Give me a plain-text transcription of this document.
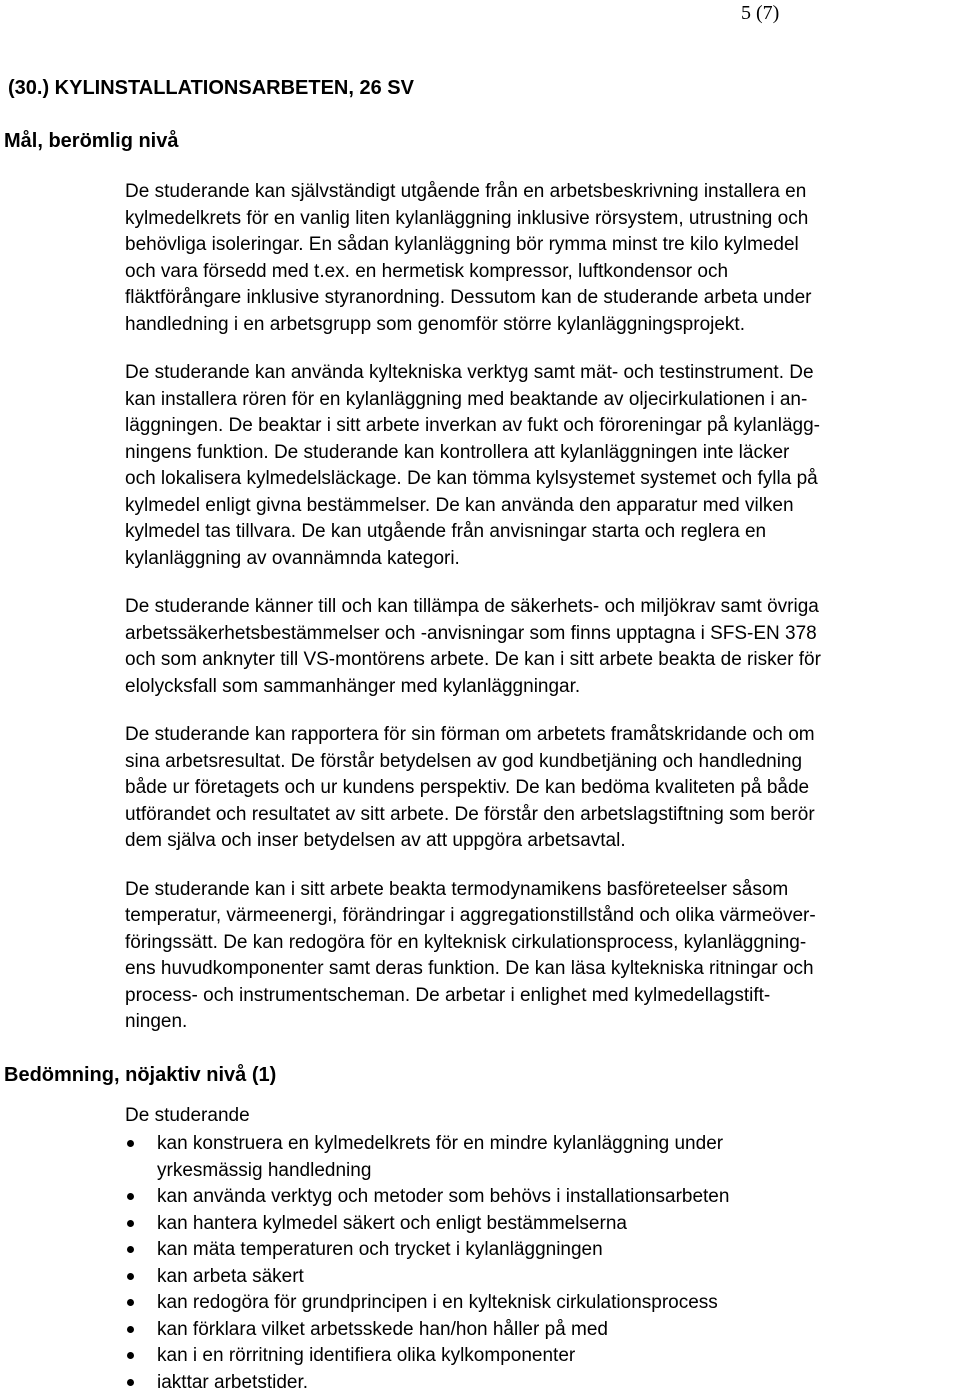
5 (7)
(30.) KYLINSTALLATIONSARBETEN, 26 SV
Mål, berömlig nivå

De studerande kan självständigt utgående från en arbetsbeskrivning installera en
kylmedelkrets för en vanlig liten kylanläggning inklusive rörsystem, utrustning och
behövliga isoleringar. En sådan kylanläggning bör rymma minst tre kilo kylmedel
och vara försedd med t.ex. en hermetisk kompressor, luftkondensor och
fläktförångare inklusive styranordning. Dessutom kan de studerande arbeta under
handledning i en arbetsgrupp som genomför större kylanläggningsprojekt.

De studerande kan använda kyltekniska verktyg samt mät- och testinstrument. De
kan installera rören för en kylanläggning med beaktande av oljecirkulationen i an-
läggningen. De beaktar i sitt arbete inverkan av fukt och föroreningar på kylanlägg-
ningens funktion. De studerande kan kontrollera att kylanläggningen inte läcker
och lokalisera kylmedelsläckage. De kan tömma kylsystemet systemet och fylla på
kylmedel enligt givna bestämmelser. De kan använda den apparatur med vilken
kylmedel tas tillvara. De kan utgående från anvisningar starta och reglera en
kylanläggning av ovannämnda kategori.

De studerande känner till och kan tillämpa de säkerhets- och miljökrav samt övriga
arbetssäkerhetsbestämmelser och -anvisningar som finns upptagna i SFS-EN 378
och som anknyter till VS-montörens arbete. De kan i sitt arbete beakta de risker för
elolycksfall som sammanhänger med kylanläggningar.

De studerande kan rapportera för sin förman om arbetets framåtskridande och om
sina arbetsresultat. De förstår betydelsen av god kundbetjäning och handledning
både ur företagets och ur kundens perspektiv. De kan bedöma kvaliteten på både
utförandet och resultatet av sitt arbete. De förstår den arbetslagstiftning som berör
dem själva och inser betydelsen av att uppgöra arbetsavtal.

De studerande kan i sitt arbete beakta termodynamikens basföreteelser såsom
temperatur, värmeenergi, förändringar i aggregationstillstånd och olika värmeöver-
föringssätt. De kan redogöra för en kylteknisk cirkulationsprocess, kylanläggning-
ens huvudkomponenter samt deras funktion. De kan läsa kyltekniska ritningar och
process- och instrumentscheman. De arbetar i enlighet med kylmedellagstift-
ningen.

Bedömning, nöjaktiv nivå (1)

De studerande

kan konstruera en kylmedelkrets för en mindre kylanläggning under
yrkesmässig handledning
kan använda verktyg och metoder som behövs i installationsarbeten
kan hantera kylmedel säkert och enligt bestämmelserna
kan mäta temperaturen och trycket i kylanläggningen
kan arbeta säkert
kan redogöra för grundprincipen i en kylteknisk cirkulationsprocess
kan förklara vilket arbetsskede han/hon håller på med
kan i en rörritning identifiera olika kylkomponenter
iakttar arbetstider.
